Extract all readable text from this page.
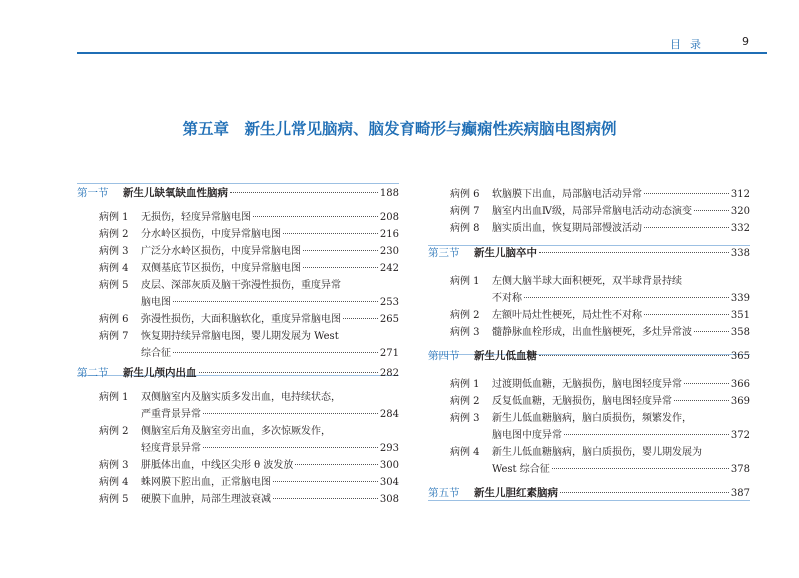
目录	9
第五章　新生儿常见脑病、脑发育畸形与癫痫性疾病脑电图病例
第一节	新生儿缺氧缺血性脑病	188
病例 1	无损伤，轻度异常脑电图	208
病例 2	分水岭区损伤，中度异常脑电图	216
病例 3	广泛分水岭区损伤，中度异常脑电图	230
病例 4	双侧基底节区损伤，中度异常脑电图	242
病例 5	皮层、深部灰质及脑干弥漫性损伤，重度异常
脑电图	253
病例 6	弥漫性损伤，大面积脑软化，重度异常脑电图	265
病例 7	恢复期持续异常脑电图，婴儿期发展为 West
综合征	271
第二节	新生儿颅内出血	282
病例 1	双侧脑室内及脑实质多发出血，电持续状态，
严重背景异常	284
病例 2	侧脑室后角及脑室旁出血，多次惊厥发作，
轻度背景异常	293
病例 3	胼胝体出血，中线区尖形 θ 波发放	300
病例 4	蛛网膜下腔出血，正常脑电图	304
病例 5	硬膜下血肿，局部生理波衰减	308
病例 6	软脑膜下出血，局部脑电活动异常	312
病例 7	脑室内出血Ⅳ级，局部异常脑电活动动态演变	320
病例 8	脑实质出血，恢复期局部慢波活动	332
第三节	新生儿脑卒中	338
病例 1	左侧大脑半球大面积梗死，双半球背景持续
不对称	339
病例 2	左额叶局灶性梗死，局灶性不对称	351
病例 3	髓静脉血栓形成，出血性脑梗死，多灶异常波	358
第四节	新生儿低血糖	365
病例 1	过渡期低血糖，无脑损伤，脑电图轻度异常	366
病例 2	反复低血糖，无脑损伤，脑电图轻度异常	369
病例 3	新生儿低血糖脑病，脑白质损伤，频繁发作，
脑电图中度异常	372
病例 4	新生儿低血糖脑病，脑白质损伤，婴儿期发展为
West 综合征	378
第五节	新生儿胆红素脑病	387
